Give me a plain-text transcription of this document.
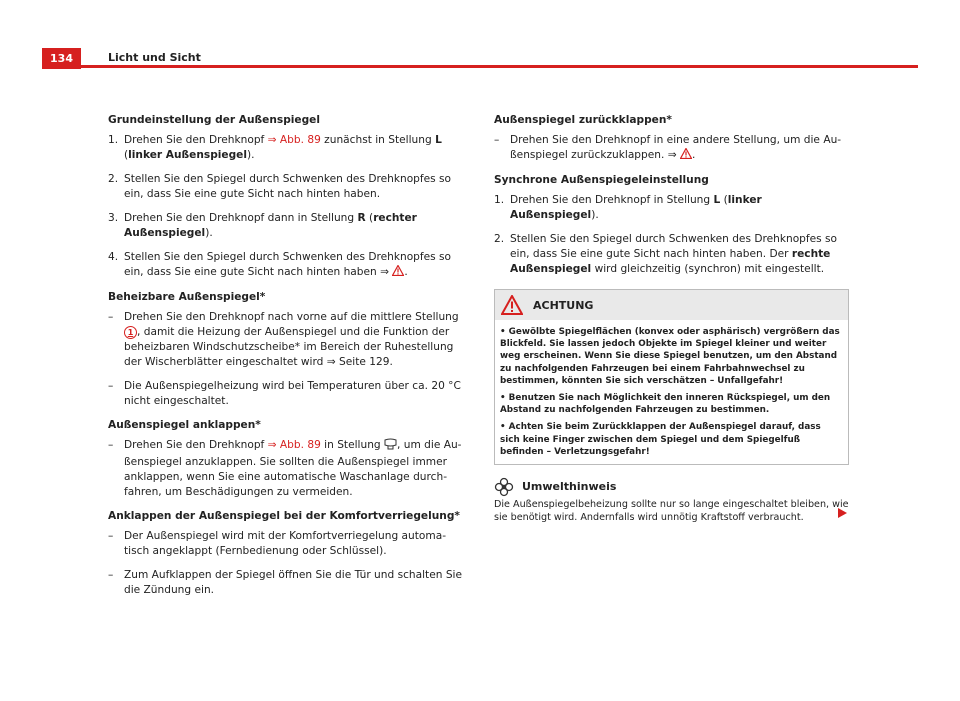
134	Licht und Sicht
Grundeinstellung der Außenspiegel
1. Drehen Sie den Drehknopf ⇒ Abb. 89 zunächst in Stellung L
(linker Außenspiegel).
2. Stellen Sie den Spiegel durch Schwenken des Drehknopfes so ein, dass Sie eine gute Sicht nach hinten haben.
3. Drehen Sie den Drehknopf dann in Stellung R (rechter Außenspiegel).
4. Stellen Sie den Spiegel durch Schwenken des Drehknopfes so ein, dass Sie eine gute Sicht nach hinten haben ⇒ .
Beheizbare Außenspiegel*
– Drehen Sie den Drehknopf nach vorne auf die mittlere Stellung 1 , damit die Heizung der Außenspiegel und die Funktion der beheizbaren Windschutzscheibe* im Bereich der Ruhestellung der Wischerblätter eingeschaltet wird ⇒ Seite 129.
– Die Außenspiegelheizung wird bei Temperaturen über ca. 20 °C nicht eingeschaltet.
Außenspiegel anklappen*
– Drehen Sie den Drehknopf ⇒ Abb. 89 in Stellung , um die Außenspiegel anzuklappen. Sie sollten die Außenspiegel immer anklappen, wenn Sie eine automatische Waschanlage durchfahren, um Beschädigungen zu vermeiden.
Anklappen der Außenspiegel bei der Komfortverriegelung*
– Der Außenspiegel wird mit der Komfortverriegelung automatisch angeklappt (Fernbedienung oder Schlüssel).
– Zum Aufklappen der Spiegel öffnen Sie die Tür und schalten Sie die Zündung ein.
Außenspiegel zurückklappen*
– Drehen Sie den Drehknopf in eine andere Stellung, um die Außenspiegel zurückzuklappen. ⇒ .
Synchrone Außenspiegeleinstellung
1. Drehen Sie den Drehknopf in Stellung L (linker Außenspiegel).
2. Stellen Sie den Spiegel durch Schwenken des Drehknopfes so ein, dass Sie eine gute Sicht nach hinten haben. Der rechte Außenspiegel wird gleichzeitig (synchron) mit eingestellt.
ACHTUNG

• Gewölbte Spiegelflächen (konvex oder asphärisch) vergrößern das Blickfeld. Sie lassen jedoch Objekte im Spiegel kleiner und weiter weg erscheinen. Wenn Sie diese Spiegel benutzen, um den Abstand zu nachfolgenden Fahrzeugen bei einem Fahrbahnwechsel zu bestimmen, könnten Sie sich verschätzen – Unfallgefahr!

• Benutzen Sie nach Möglichkeit den inneren Rückspiegel, um den Abstand zu nachfolgenden Fahrzeugen zu bestimmen.

• Achten Sie beim Zurückklappen der Außenspiegel darauf, dass sich keine Finger zwischen dem Spiegel und dem Spiegelfuß befinden – Verletzungsgefahr!

Umwelthinweis
Die Außenspiegelbeheizung sollte nur so lange eingeschaltet bleiben, wie sie benötigt wird. Andernfalls wird unnötig Kraftstoff verbraucht.
